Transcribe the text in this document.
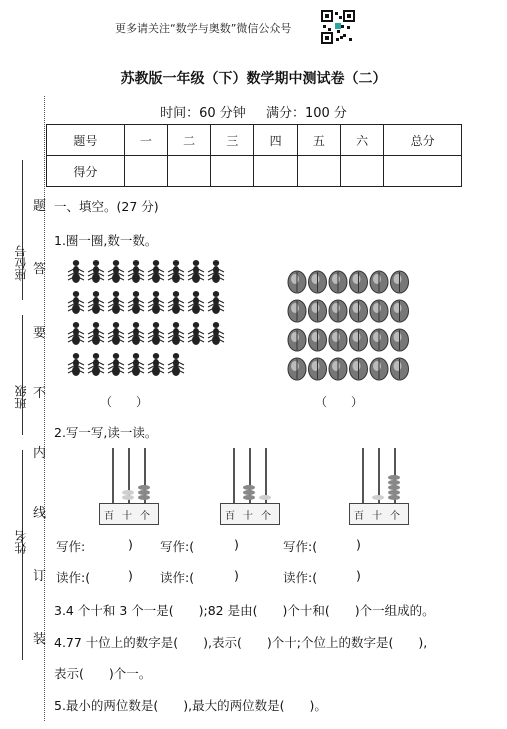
更多请关注“数学与奥数”微信公众号
苏教版一年级（下）数学期中测试卷（二）
时间：60 分钟 满分：100 分
题号	一	二	三	四	五	六	总分
得分							
座位号
班级
姓名
题
答
要
不
内
线
订
装
一、填空。(27 分)
1.圈一圈,数一数。
（　　）	（　　）
2.写一写,读一读。
百 十 个	百 十 个	百 十 个
写作:	) 写作:(	)	写作:(	)
读作:(	) 读作:(	)	读作:(	)
3.4 个十和 3 个一是(　　);82 是由(　　)个十和(　　)个一组成的。
4.77 十位上的数字是(　　),表示(　　)个十;个位上的数字是(　　),
表示(　　)个一。
5.最小的两位数是(　　),最大的两位数是(　　)。
